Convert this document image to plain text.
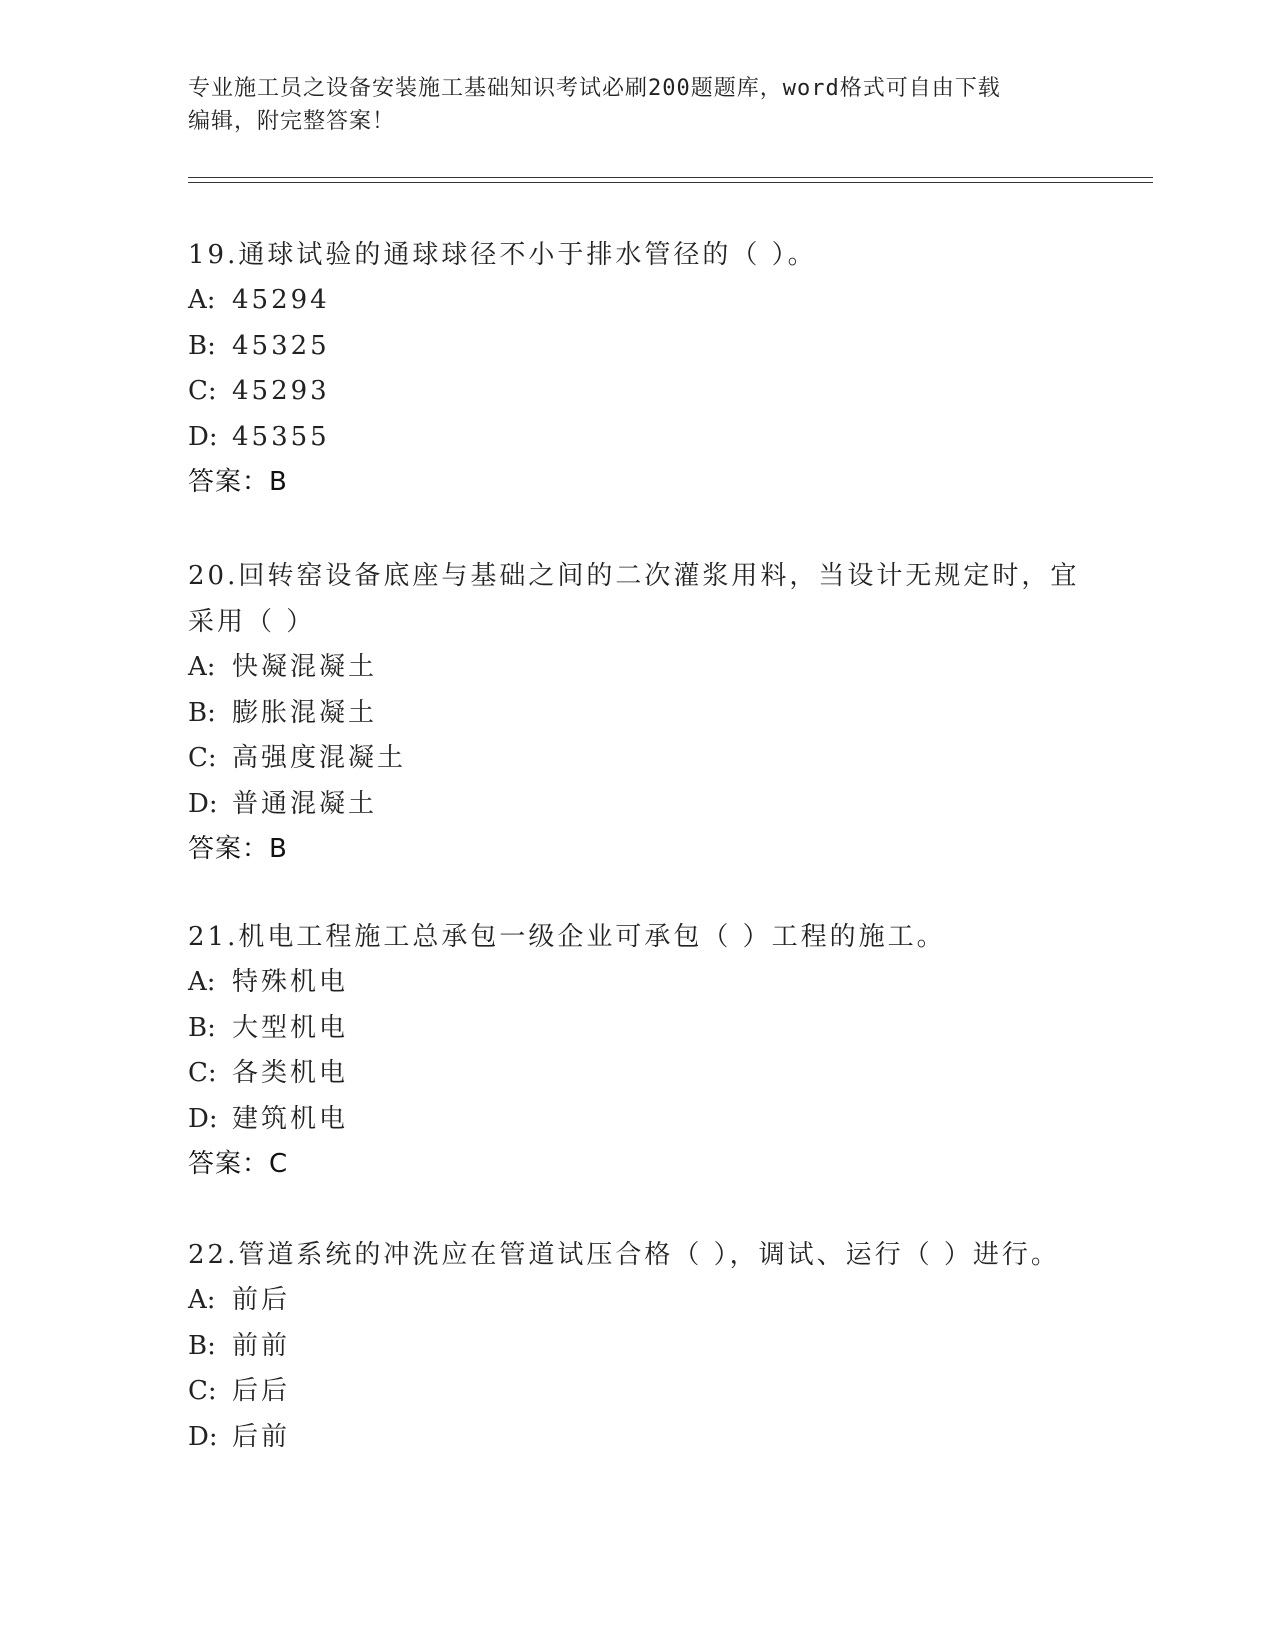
专业施工员之设备安装施工基础知识考试必刷200题题库，word格式可自由下载
编辑，附完整答案！

19.通球试验的通球球径不小于排水管径的（ ）。

A: 45294

B: 45325

C: 45293

D: 45355

答案：B

20.回转窑设备底座与基础之间的二次灌浆用料，当设计无规定时，宜

采用（ ）

A: 快凝混凝土

B: 膨胀混凝土

C: 高强度混凝土

D: 普通混凝土

答案：B

21.机电工程施工总承包一级企业可承包（ ）工程的施工。

A: 特殊机电

B: 大型机电

C: 各类机电

D: 建筑机电

答案：C

22.管道系统的冲洗应在管道试压合格（ ），调试、运行（ ）进行。

A: 前后

B: 前前

C: 后后

D: 后前
